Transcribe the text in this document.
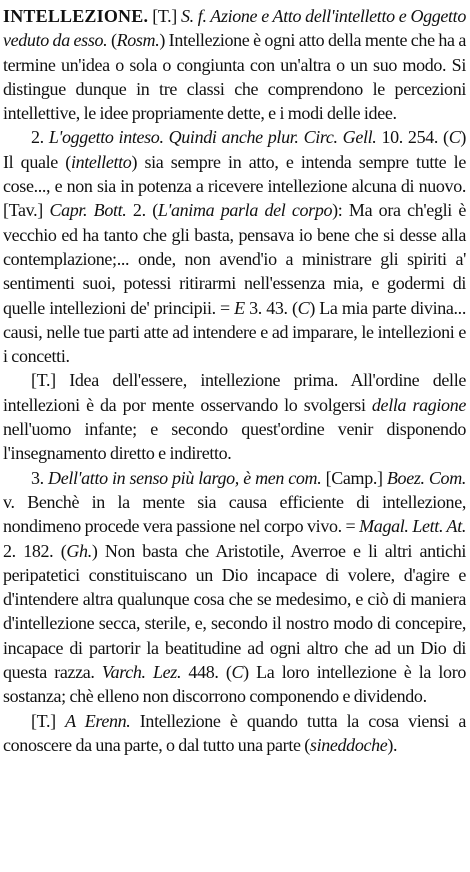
INTELLEZIONE. [T.] S. f. Azione e Atto dell'intelletto e Oggetto veduto da esso. (Rosm.) Intellezione è ogni atto della mente che ha a termine un'idea o sola o congiunta con un'altra o un suo modo. Si distingue dunque in tre classi che comprendono le percezioni intellettive, le idee propriamente dette, e i modi delle idee.

2. L'oggetto inteso. Quindi anche plur. Circ. Gell. 10. 254. (C) Il quale (intelletto) sia sempre in atto, e intenda sempre tutte le cose..., e non sia in potenza a ricevere intellezione alcuna di nuovo. [Tav.] Capr. Bott. 2. (L'anima parla del corpo): Ma ora ch'egli è vecchio ed ha tanto che gli basta, pensava io bene che si desse alla contemplazione;... onde, non avend'io a ministrare gli spiriti a' sentimenti suoi, potessi ritirarmi nell'essenza mia, e godermi di quelle intellezioni de' principii. = E 3. 43. (C) La mia parte divina... causi, nelle tue parti atte ad intendere e ad imparare, le intellezioni e i concetti.

[T.] Idea dell'essere, intellezione prima. All'ordine delle intellezioni è da por mente osservando lo svolgersi della ragione nell'uomo infante; e secondo quest'ordine venir disponendo l'insegnamento diretto e indiretto.

3. Dell'atto in senso più largo, è men com. [Camp.] Boez. Com. v. Benchè in la mente sia causa efficiente di intellezione, nondimeno procede vera passione nel corpo vivo. = Magal. Lett. At. 2. 182. (Gh.) Non basta che Aristotile, Averroe e li altri antichi peripatetici constituiscano un Dio incapace di volere, d'agire e d'intendere altra qualunque cosa che se medesimo, e ciò di maniera d'intellezione secca, sterile, e, secondo il nostro modo di concepire, incapace di partorir la beatitudine ad ogni altro che ad un Dio di questa razza. Varch. Lez. 448. (C) La loro intellezione è la loro sostanza; chè elleno non discorrono componendo e dividendo.

[T.] A Erenn. Intellezione è quando tutta la cosa viensi a conoscere da una parte, o dal tutto una parte (sineddoche).
